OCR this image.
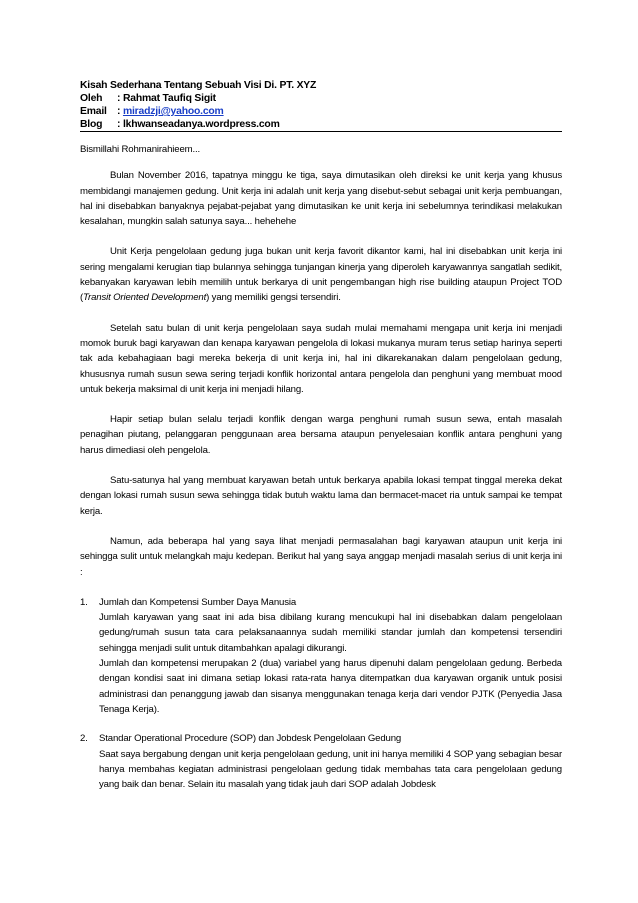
Kisah Sederhana Tentang Sebuah Visi Di. PT. XYZ
Oleh	: Rahmat Taufiq Sigit
Email :
miradzji@yahoo.com
Blog	: lkhwanseadanya.wordpress.com

Bismillahi Rohmanirahieem...

Bulan November 2016, tapatnya minggu ke tiga, saya dimutasikan oleh direksi ke unit kerja yang khusus membidangi manajemen gedung. Unit kerja ini adalah unit kerja yang disebut-sebut sebagai unit kerja pembuangan, hal ini disebabkan banyaknya pejabat-pejabat yang dimutasikan ke unit kerja ini sebelumnya terindikasi melakukan kesalahan, mungkin salah satunya saya... hehehehe

Unit Kerja pengelolaan gedung juga bukan unit kerja favorit dikantor kami, hal ini disebabkan unit kerja ini sering mengalami kerugian tiap bulannya sehingga tunjangan kinerja yang diperoleh karyawannya sangatlah sedikit, kebanyakan karyawan lebih memilih untuk berkarya di unit pengembangan high rise building ataupun Project TOD (Transit Oriented Development) yang memiliki gengsi tersendiri.

Setelah satu bulan di unit kerja pengelolaan saya sudah mulai memahami mengapa unit kerja ini menjadi momok buruk bagi karyawan dan kenapa karyawan pengelola di lokasi mukanya muram terus setiap harinya seperti tak ada kebahagiaan bagi mereka bekerja di unit kerja ini, hal ini dikarekanakan dalam pengelolaan gedung, khususnya rumah susun sewa sering terjadi konflik horizontal antara pengelola dan penghuni yang membuat mood untuk bekerja maksimal di unit kerja ini menjadi hilang.

Hapir setiap bulan selalu terjadi konflik dengan warga penghuni rumah susun sewa, entah masalah penagihan piutang, pelanggaran penggunaan area bersama ataupun penyelesaian konflik antara penghuni yang harus dimediasi oleh pengelola.

Satu-satunya hal yang membuat karyawan betah untuk berkarya apabila lokasi tempat tinggal mereka dekat dengan lokasi rumah susun sewa sehingga tidak butuh waktu lama dan bermacet-macet ria untuk sampai ke tempat kerja.

Namun, ada beberapa hal yang saya lihat menjadi permasalahan bagi karyawan ataupun unit kerja ini sehingga sulit untuk melangkah maju kedepan. Berikut hal yang saya anggap menjadi masalah serius di unit kerja ini :

1. Jumlah dan Kompetensi Sumber Daya Manusia
Jumlah karyawan yang saat ini ada bisa dibilang kurang mencukupi hal ini disebabkan dalam pengelolaan gedung/rumah susun tata cara pelaksanaannya sudah memiliki standar jumlah dan kompetensi tersendiri sehingga menjadi sulit untuk ditambahkan apalagi dikurangi.
Jumlah dan kompetensi merupakan 2 (dua) variabel yang harus dipenuhi dalam pengelolaan gedung. Berbeda dengan kondisi saat ini dimana setiap lokasi rata-rata hanya ditempatkan dua karyawan organik untuk posisi administrasi dan penanggung jawab dan sisanya menggunakan tenaga kerja dari vendor PJTK (Penyedia Jasa Tenaga Kerja).
2. Standar Operational Procedure (SOP) dan Jobdesk Pengelolaan Gedung
Saat saya bergabung dengan unit kerja pengelolaan gedung, unit ini hanya memiliki 4 SOP yang sebagian besar hanya membahas kegiatan administrasi pengelolaan gedung tidak membahas tata cara pengelolaan gedung yang baik dan benar. Selain itu masalah yang tidak jauh dari SOP adalah Jobdesk
